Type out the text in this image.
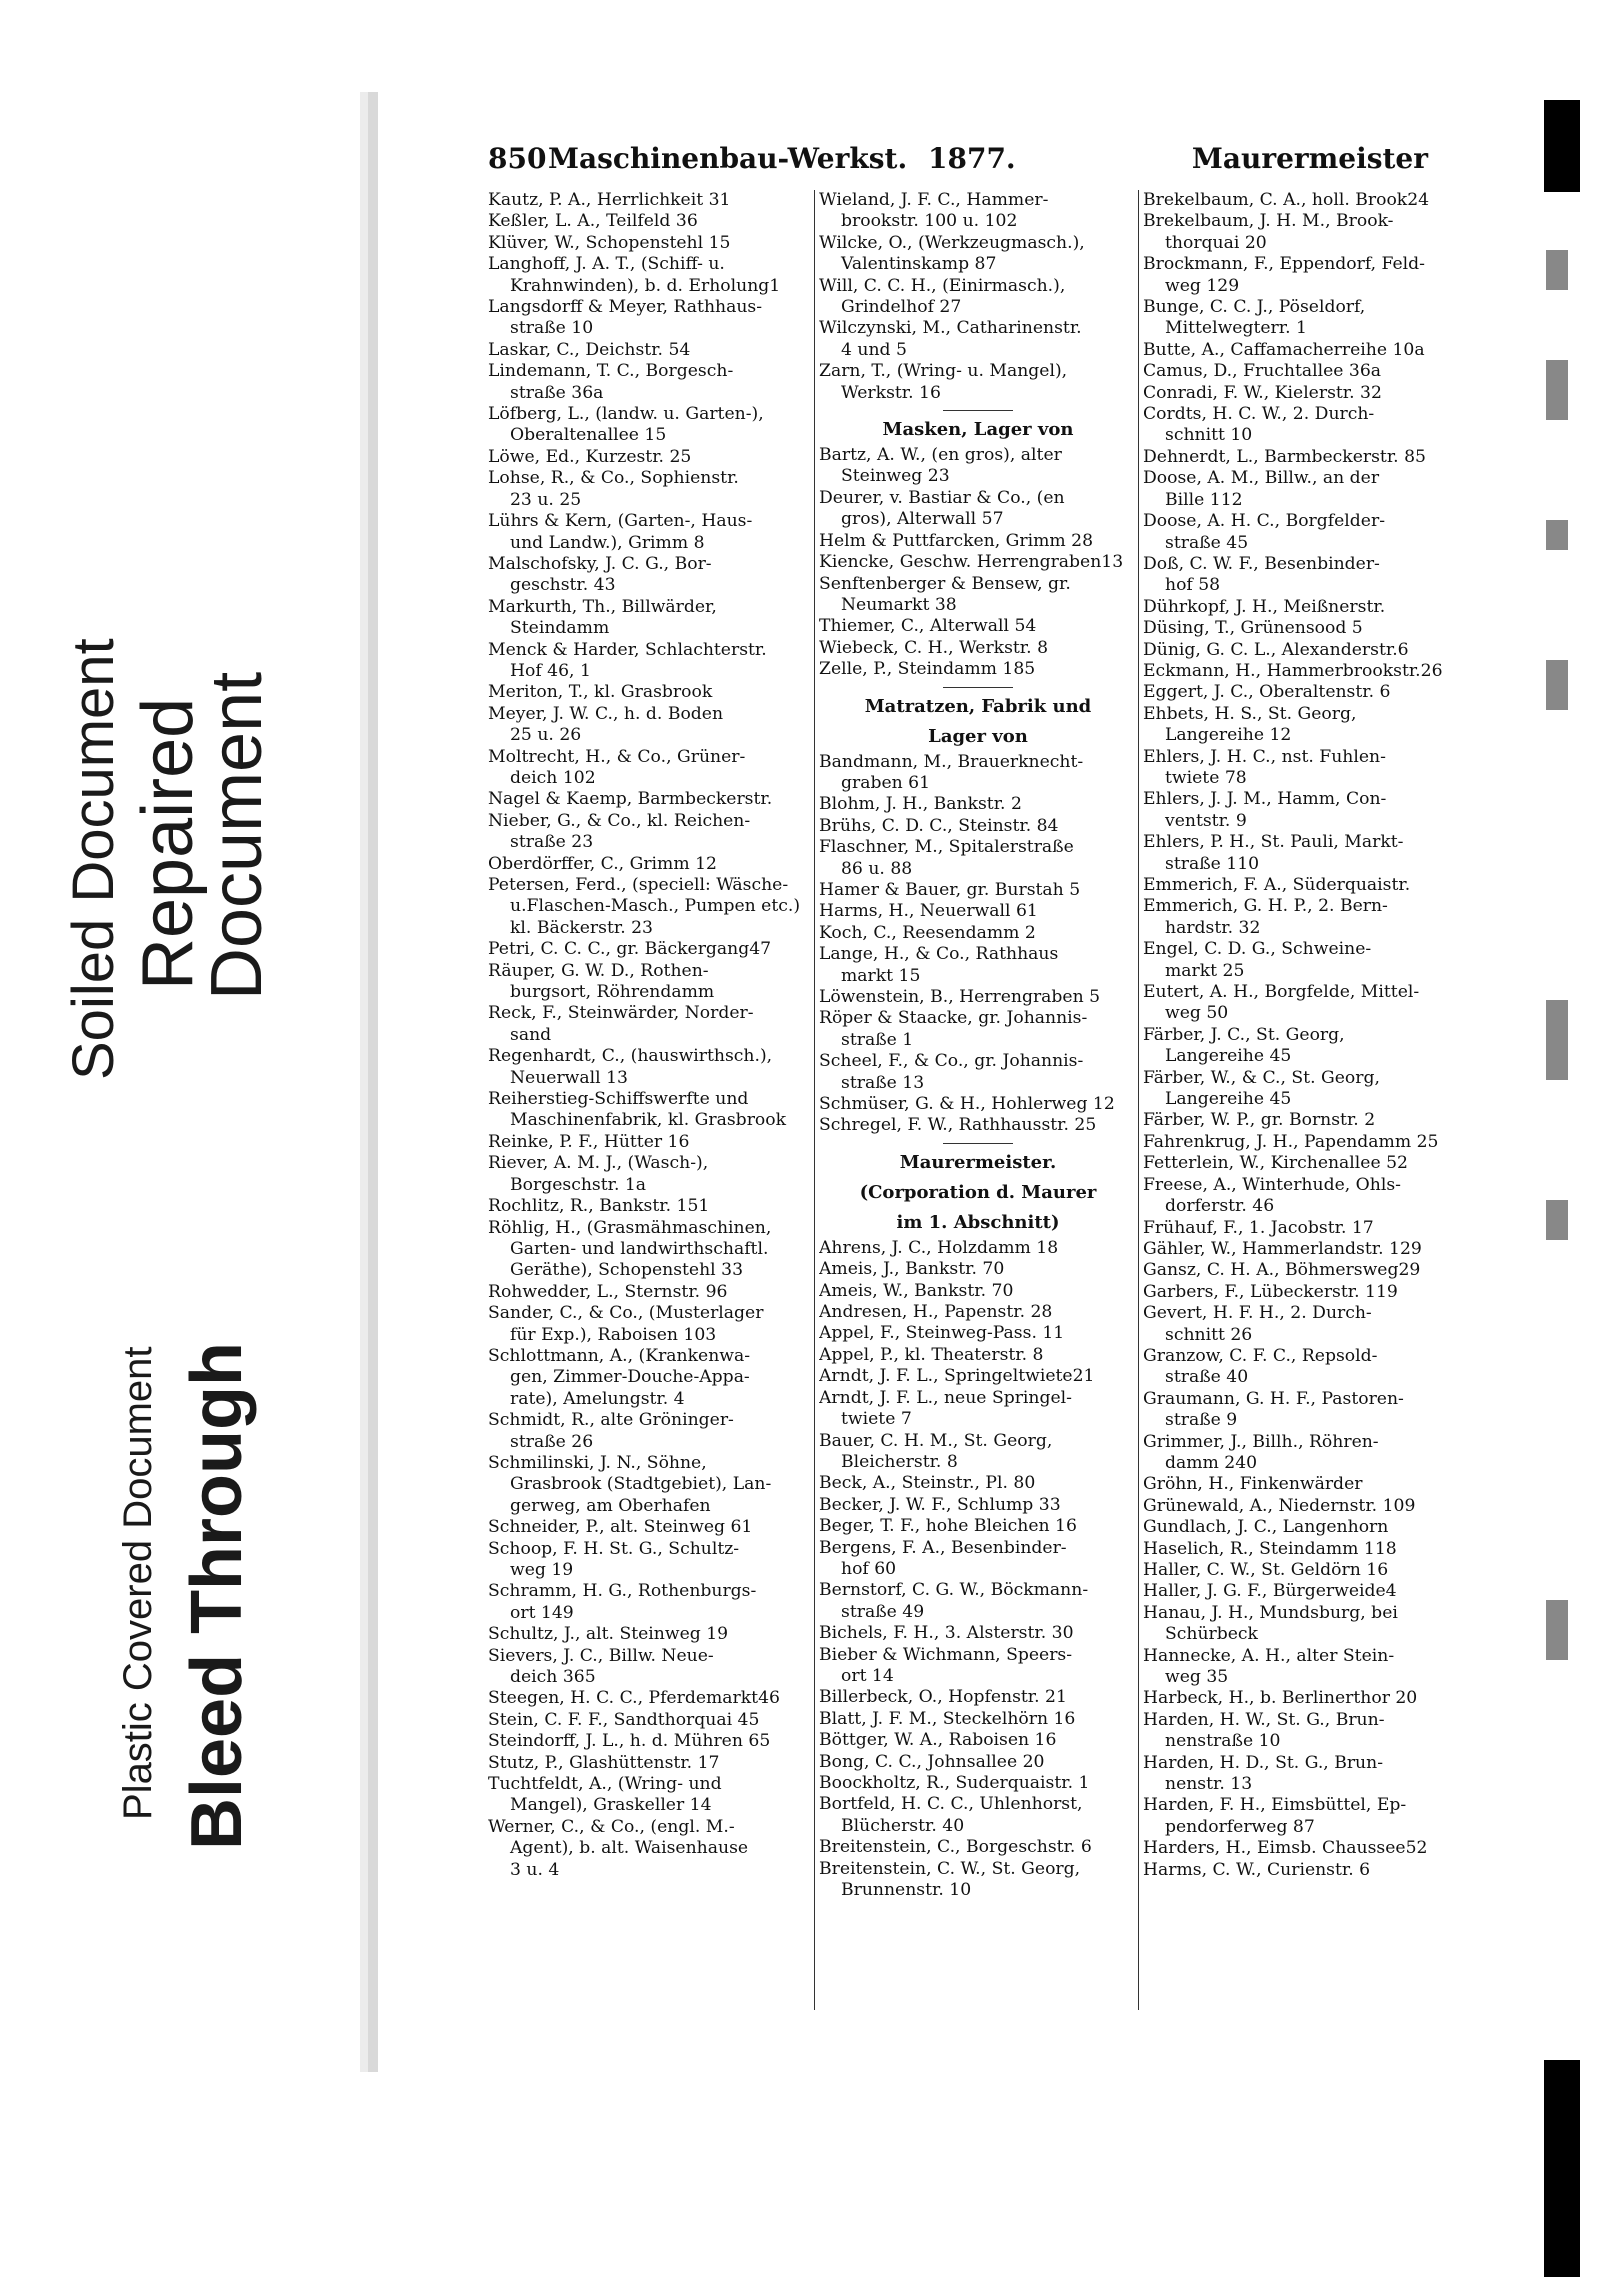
Soiled Document Repaired
Document
Plastic Covered Document Bleed Through
850 Maschinenbau-Werkst. 1877.	Maurermeister
Kautz, P. A., Herrlichkeit 31
Keßler, L. A., Teilfeld 36
Klüver, W., Schopenstehl 15
Langhoff, J. A. T., (Schiff- u.
Krahnwinden), b. d. Erholung1
Langsdorff & Meyer, Rathhaus-
straße 10
Laskar, C., Deichstr. 54
Lindemann, T. C., Borgesch-
straße 36a
Löfberg, L., (landw. u. Garten-),
Oberaltenallee 15
Löwe, Ed., Kurzestr. 25
Lohse, R., & Co., Sophienstr.
23 u. 25
Lührs & Kern, (Garten-, Haus-
und Landw.), Grimm 8
Malschofsky, J. C. G., Bor-
geschstr. 43
Markurth, Th., Billwärder,
Steindamm
Menck & Harder, Schlachterstr.
Hof 46, 1
Meriton, T., kl. Grasbrook
Meyer, J. W. C., h. d. Boden
25 u. 26
Moltrecht, H., & Co., Grüner-
deich 102
Nagel & Kaemp, Barmbeckerstr.
Nieber, G., & Co., kl. Reichen-
straße 23
Oberdörffer, C., Grimm 12
Petersen, Ferd., (speciell: Wäsche-
u.Flaschen-Masch., Pumpen etc.)
kl. Bäckerstr. 23
Petri, C. C. C., gr. Bäckergang47
Räuper, G. W. D., Rothen-
burgsort, Röhrendamm
Reck, F., Steinwärder, Norder-
sand
Regenhardt, C., (hauswirthsch.),
Neuerwall 13
Reiherstieg-Schiffswerfte und
Maschinenfabrik, kl. Grasbrook
Reinke, P. F., Hütter 16
Riever, A. M. J., (Wasch-),
Borgeschstr. 1a
Rochlitz, R., Bankstr. 151
Röhlig, H., (Grasmähmaschinen,
Garten- und landwirthschaftl.
Geräthe), Schopenstehl 33
Rohwedder, L., Sternstr. 96
Sander, C., & Co., (Musterlager
für Exp.), Raboisen 103
Schlottmann, A., (Krankenwa-
gen, Zimmer-Douche-Appa-
rate), Amelungstr. 4
Schmidt, R., alte Gröninger-
straße 26
Schmilinski, J. N., Söhne,
Grasbrook (Stadtgebiet), Lan-
gerweg, am Oberhafen
Schneider, P., alt. Steinweg 61
Schoop, F. H. St. G., Schultz-
weg 19
Schramm, H. G., Rothenburgs-
ort 149
Schultz, J., alt. Steinweg 19
Sievers, J. C., Billw. Neue-
deich 365
Steegen, H. C. C., Pferdemarkt46
Stein, C. F. F., Sandthorquai 45
Steindorff, J. L., h. d. Mühren 65
Stutz, P., Glashüttenstr. 17
Tuchtfeldt, A., (Wring- und
Mangel), Graskeller 14
Werner, C., & Co., (engl. M.-
Agent), b. alt. Waisenhause
3 u. 4
Wieland, J. F. C., Hammer-
brookstr. 100 u. 102
Wilcke, O., (Werkzeugmasch.),
Valentinskamp 87
Will, C. C. H., (Einirmasch.),
Grindelhof 27
Wilczynski, M., Catharinenstr.
4 und 5
Zarn, T., (Wring- u. Mangel),
Werkstr. 16
Masken, Lager von
Bartz, A. W., (en gros), alter
Steinweg 23
Deurer, v. Bastiar & Co., (en
gros), Alterwall 57
Helm & Puttfarcken, Grimm 28
Kiencke, Geschw. Herrengraben13
Senftenberger & Bensew, gr.
Neumarkt 38
Thiemer, C., Alterwall 54
Wiebeck, C. H., Werkstr. 8
Zelle, P., Steindamm 185
Matratzen, Fabrik und
Lager von
Bandmann, M., Brauerknecht-
graben 61
Blohm, J. H., Bankstr. 2
Brühs, C. D. C., Steinstr. 84
Flaschner, M., Spitalerstraße
86 u. 88
Hamer & Bauer, gr. Burstah 5
Harms, H., Neuerwall 61
Koch, C., Reesendamm 2
Lange, H., & Co., Rathhaus
markt 15
Löwenstein, B., Herrengraben 5
Röper & Staacke, gr. Johannis-
straße 1
Scheel, F., & Co., gr. Johannis-
straße 13
Schmüser, G. & H., Hohlerweg 12
Schregel, F. W., Rathhausstr. 25
Maurermeister.
(Corporation d. Maurer
im 1. Abschnitt)
Ahrens, J. C., Holzdamm 18
Ameis, J., Bankstr. 70
Ameis, W., Bankstr. 70
Andresen, H., Papenstr. 28
Appel, F., Steinweg-Pass. 11
Appel, P., kl. Theaterstr. 8
Arndt, J. F. L., Springeltwiete21
Arndt, J. F. L., neue Springel-
twiete 7
Bauer, C. H. M., St. Georg,
Bleicherstr. 8
Beck, A., Steinstr., Pl. 80
Becker, J. W. F., Schlump 33
Beger, T. F., hohe Bleichen 16
Bergens, F. A., Besenbinder-
hof 60
Bernstorf, C. G. W., Böckmann-
straße 49
Bichels, F. H., 3. Alsterstr. 30
Bieber & Wichmann, Speers-
ort 14
Billerbeck, O., Hopfenstr. 21
Blatt, J. F. M., Steckelhörn 16
Böttger, W. A., Raboisen 16
Bong, C. C., Johnsallee 20
Boockholtz, R., Suderquaistr. 1
Bortfeld, H. C. C., Uhlenhorst,
Blücherstr. 40
Breitenstein, C., Borgeschstr. 6
Breitenstein, C. W., St. Georg,
Brunnenstr. 10
Brekelbaum, C. A., holl. Brook24
Brekelbaum, J. H. M., Brook-
thorquai 20
Brockmann, F., Eppendorf, Feld-
weg 129
Bunge, C. C. J., Pöseldorf,
Mittelwegterr. 1
Butte, A., Caffamacherreihe 10a
Camus, D., Fruchtallee 36a
Conradi, F. W., Kielerstr. 32
Cordts, H. C. W., 2. Durch-
schnitt 10
Dehnerdt, L., Barmbeckerstr. 85
Doose, A. M., Billw., an der
Bille 112
Doose, A. H. C., Borgfelder-
straße 45
Doß, C. W. F., Besenbinder-
hof 58
Dührkopf, J. H., Meißnerstr.
Düsing, T., Grünensood 5
Dünig, G. C. L., Alexanderstr.6
Eckmann, H., Hammerbrookstr.26
Eggert, J. C., Oberaltenstr. 6
Ehbets, H. S., St. Georg,
Langereihe 12
Ehlers, J. H. C., nst. Fuhlen-
twiete 78
Ehlers, J. J. M., Hamm, Con-
ventstr. 9
Ehlers, P. H., St. Pauli, Markt-
straße 110
Emmerich, F. A., Süderquaistr.
Emmerich, G. H. P., 2. Bern-
hardstr. 32
Engel, C. D. G., Schweine-
markt 25
Eutert, A. H., Borgfelde, Mittel-
weg 50
Färber, J. C., St. Georg,
Langereihe 45
Färber, W., & C., St. Georg,
Langereihe 45
Färber, W. P., gr. Bornstr. 2
Fahrenkrug, J. H., Papendamm 25
Fetterlein, W., Kirchenallee 52
Freese, A., Winterhude, Ohls-
dorferstr. 46
Frühauf, F., 1. Jacobstr. 17
Gähler, W., Hammerlandstr. 129
Gansz, C. H. A., Böhmersweg29
Garbers, F., Lübeckerstr. 119
Gevert, H. F. H., 2. Durch-
schnitt 26
Granzow, C. F. C., Repsold-
straße 40
Graumann, G. H. F., Pastoren-
straße 9
Grimmer, J., Billh., Röhren-
damm 240
Gröhn, H., Finkenwärder
Grünewald, A., Niedernstr. 109
Gundlach, J. C., Langenhorn
Haselich, R., Steindamm 118
Haller, C. W., St. Geldörn 16
Haller, J. G. F., Bürgerweide4
Hanau, J. H., Mundsburg, bei
Schürbeck
Hannecke, A. H., alter Stein-
weg 35
Harbeck, H., b. Berlinerthor 20
Harden, H. W., St. G., Brun-
nenstraße 10
Harden, H. D., St. G., Brun-
nenstr. 13
Harden, F. H., Eimsbüttel, Ep-
pendorferweg 87
Harders, H., Eimsb. Chaussee52
Harms, C. W., Curienstr. 6
